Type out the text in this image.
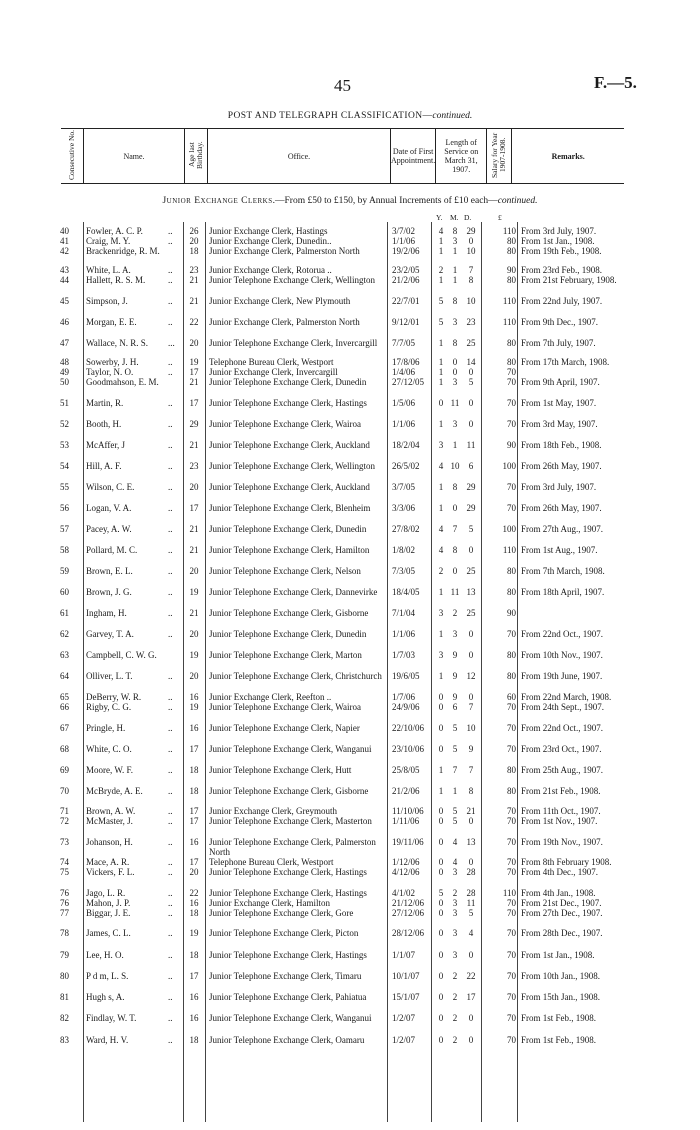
45	F.—5.
POST AND TELEGRAPH CLASSIFICATION—continued.
Consecutive No.	Name.	Age last Birthday.	Office.	Date of First Appointment.	Length of Service on March 31, 1907.	Salary for Year 1907-1908.	Remarks.
Junior Exchange Clerks.—From £50 to £150, by Annual Increments of £10 each—continued.
Y. M. D.	£
40	Fowler, A. C. P.	..	26	Junior Exchange Clerk, Hastings	3/7/02	4	8	29	110 From 3rd July, 1907.
41	Craig, M. Y.	..	20	Junior Exchange Clerk, Dunedin..	1/1/06	1	3	0	80 From 1st Jan., 1908.
42	Brackenridge, R. M.	18	Junior Exchange Clerk, Palmerston North	19/2/06	1	1	10	80 From 19th Feb., 1908.
43	White, L. A.	..	23	Junior Exchange Clerk, Rotorua ..	23/2/05	2	1	7	90 From 23rd Feb., 1908.
44	Hallett, R. S. M.	..	21	Junior Telephone Exchange Clerk, Wellington	21/2/06	1	1	8	80 From 21st February, 1908.
45	Simpson, J.	..	21	Junior Exchange Clerk, New Plymouth	22/7/01	5	8	10	110 From 22nd July, 1907.
46	Morgan, E. E.	..	22	Junior Exchange Clerk, Palmerston North	9/12/01	5	3	23	110 From 9th Dec., 1907.
47	Wallace, N. R. S. ...	20	Junior Telephone Exchange Clerk, Invercargill	7/7/05	1	8	25	80 From 7th July, 1907.
48	Sowerby, J. H.	..	19	Telephone Bureau Clerk, Westport	17/8/06	1	0	14	80 From 17th March, 1908.
49	Taylor, N. O.	..	17	Junior Exchange Clerk, Invercargill	1/4/06	1	0	0	70
50	Goodmahson, E. M.	21	Junior Telephone Exchange Clerk, Dunedin	27/12/05	1	3	5	70 From 9th April, 1907.
51	Martin, R.	..	17	Junior Telephone Exchange Clerk, Hastings	1/5/06	0 11	0	70 From 1st May, 1907.
52	Booth, H.	..	29	Junior Telephone Exchange Clerk, Wairoa	1/1/06	1	3	0	70 From 3rd May, 1907.
53	McAffer, J	..	21	Junior Telephone Exchange Clerk, Auckland	18/2/04	3	1	11	90 From 18th Feb., 1908.
54	Hill, A. F.	..	23	Junior Telephone Exchange Clerk, Wellington	26/5/02	4 10	6	100 From 26th May, 1907.
55	Wilson, C. E.	..	20	Junior Telephone Exchange Clerk, Auckland	3/7/05	1	8	29	70 From 3rd July, 1907.
56	Logan, V. A.	..	17	Junior Telephone Exchange Clerk, Blenheim	3/3/06	1	0	29	70 From 26th May, 1907.
57	Pacey, A. W.	..	21	Junior Telephone Exchange Clerk, Dunedin	27/8/02	4	7	5	100 From 27th Aug., 1907.
58	Pollard, M. C.	..	21	Junior Telephone Exchange Clerk, Hamilton	1/8/02	4	8	0	110 From 1st Aug., 1907.
59	Brown, E. L.	..	20	Junior Telephone Exchange Clerk, Nelson	7/3/05	2	0	25	80 From 7th March, 1908.
60	Brown, J. G.	..	19	Junior Telephone Exchange Clerk, Dannevirke	18/4/05	1 11 13	80 From 18th April, 1907.
61	Ingham, H.	..	21	Junior Telephone Exchange Clerk, Gisborne	7/1/04	3	2	25	90
62	Garvey, T. A.	..	20	Junior Telephone Exchange Clerk, Dunedin	1/1/06	1	3	0	70 From 22nd Oct., 1907.
63	Campbell, C. W. G.	19	Junior Telephone Exchange Clerk, Marton	1/7/03	3	9	0	80 From 10th Nov., 1907.
64	Olliver, L. T.	..	20	Junior Telephone Exchange Clerk, Christchurch	19/6/05	1	9	12	80 From 19th June, 1907.
65	DeBerry, W. R.	..	16	Junior Exchange Clerk, Reefton ..	1/7/06	0	9	0	60 From 22nd March, 1908.
66	Rigby, C. G.	..	19	Junior Telephone Exchange Clerk, Wairoa	24/9/06	0	6	7	70 From 24th Sept., 1907.
67	Pringle, H.	..	16	Junior Telephone Exchange Clerk, Napier	22/10/06	0	5	10	70 From 22nd Oct., 1907.
68	White, C. O.	..	17	Junior Telephone Exchange Clerk, Wanganui	23/10/06	0	5	9	70 From 23rd Oct., 1907.
69	Moore, W. F.	..	18	Junior Telephone Exchange Clerk, Hutt	25/8/05	1	7	7	80 From 25th Aug., 1907.
70	McBryde, A. E.	..	18	Junior Telephone Exchange Clerk, Gisborne	21/2/06	1	1	8	80 From 21st Feb., 1908.
71	Brown, A. W.	..	17	Junior Exchange Clerk, Greymouth	11/10/06	0	5	21	70 From 11th Oct., 1907.
72	McMaster, J.	..	17	Junior Telephone Exchange Clerk, Masterton	1/11/06	0	5	0	70 From 1st Nov., 1907.
73	Johanson, H.	..	16	Junior Telephone Exchange Clerk, Palmerston North
19/11/06	0	4	13	70 From 19th Nov., 1907.
74	Mace, A. R.	..	17	Telephone Bureau Clerk, Westport	1/12/06	0	4	0	70 From 8th February 1908.
75	Vickers, F. L.	..	20	Junior Telephone Exchange Clerk, Hastings	4/12/06	0	3	28	70 From 4th Dec., 1907.
76	Jago, L. R.	..	22	Junior Telephone Exchange Clerk, Hastings	4/1/02	5	2	28	110 From 4th Jan., 1908.
76	Mahon, J. P.	..	16	Junior Exchange Clerk, Hamilton	21/12/06	0	3	11	70 From 21st Dec., 1907.
77	Biggar, J. E.	..	18	Junior Telephone Exchange Clerk, Gore	27/12/06	0	3	5	70 From 27th Dec., 1907.
78	James, C. L.	..	19	Junior Telephone Exchange Clerk, Picton	28/12/06	0	3	4	70 From 28th Dec., 1907.
79	Lee, H. O.	..	18	Junior Telephone Exchange Clerk, Hastings	1/1/07	0	3	0	70 From 1st Jan., 1908.
80	P d m, L. S.	..	17	Junior Telephone Exchange Clerk, Timaru	10/1/07	0	2	22	70 From 10th Jan., 1908.
81	Hugh s, A.	..	16	Junior Telephone Exchange Clerk, Pahiatua	15/1/07	0	2	17	70 From 15th Jan., 1908.
82	Findlay, W. T.	..	16	Junior Telephone Exchange Clerk, Wanganui	1/2/07	0	2	0	70 From 1st Feb., 1908.
83	Ward, H. V.	..	18	Junior Telephone Exchange Clerk, Oamaru	1/2/07	0	2	0	70 From 1st Feb., 1908.
